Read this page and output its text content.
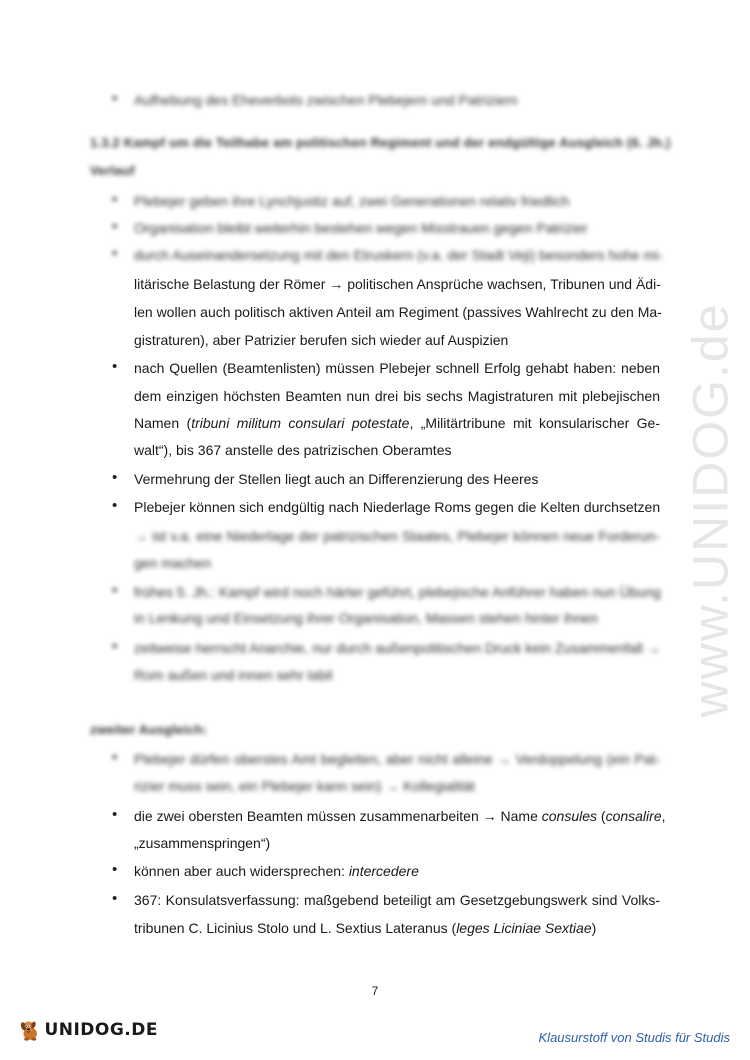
www.UNIDOG.de
• Aufhebung des Eheverbots zwischen Plebejern und Patriziern
1.3.2 Kampf um die Teilhabe am politischen Regiment und der endgültige Ausgleich (6. Jh.)
Verlauf
• Plebejer geben ihre Lynchjustiz auf, zwei Generationen relativ friedlich
• Organisation bleibt weiterhin bestehen wegen Misstrauen gegen Patrizier
• durch Auseinandersetzung mit den Etruskern (v.a. der Stadt Veji) besonders hohe mi-
litärische Belastung der Römer → politischen Ansprüche wachsen, Tribunen und Ädi-
len wollen auch politisch aktiven Anteil am Regiment (passives Wahlrecht zu den Ma-
gistraturen), aber Patrizier berufen sich wieder auf Auspizien
• nach Quellen (Beamtenlisten) müssen Plebejer schnell Erfolg gehabt haben: neben
dem einzigen höchsten Beamten nun drei bis sechs Magistraturen mit plebejischen
Namen (tribuni militum consulari potestate, „Militärtribune mit konsularischer Ge-
walt“), bis 367 anstelle des patrizischen Oberamtes
• Vermehrung der Stellen liegt auch an Differenzierung des Heeres
• Plebejer können sich endgültig nach Niederlage Roms gegen die Kelten durchsetzen
→ ist v.a. eine Niederlage der patrizischen Staates, Plebejer können neue Forderun-
gen machen
• frühes 5. Jh.: Kampf wird noch härter geführt, plebejische Anführer haben nun Übung
in Lenkung und Einsetzung ihrer Organisation, Massen stehen hinter ihnen
• zeitweise herrscht Anarchie, nur durch außenpolitischen Druck kein Zusammenfall →
Rom außen und innen sehr labil
zweiter Ausgleich:
• Plebejer dürfen oberstes Amt begleiten, aber nicht alleine → Verdoppelung (ein Pat-
rizier muss sein, ein Plebejer kann sein) → Kollegialität
• die zwei obersten Beamten müssen zusammenarbeiten → Name consules (consalire,
„zusammenspringen“)
• können aber auch widersprechen: intercedere
• 367: Konsulatsverfassung: maßgebend beteiligt am Gesetzgebungswerk sind Volks-
tribunen C. Licinius Stolo und L. Sextius Lateranus (leges Liciniae Sextiae)
7
UNIDOG.DE	Klausurstoff von Studis für Studis
